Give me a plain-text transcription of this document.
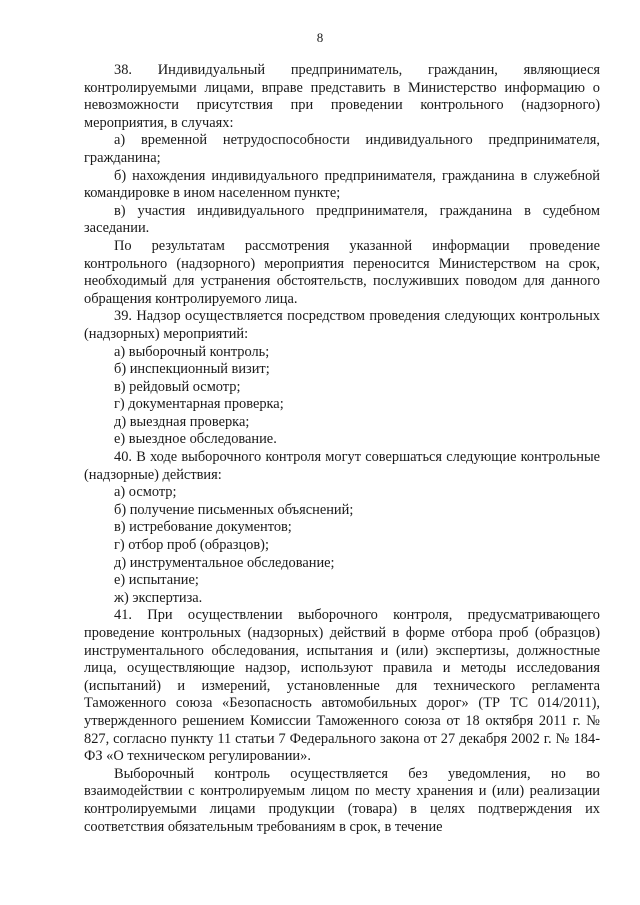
8

38. Индивидуальный предприниматель, гражданин, являющиеся контролируемыми лицами, вправе представить в Министерство информацию о невозможности присутствия при проведении контрольного (надзорного) мероприятия, в случаях:

а) временной нетрудоспособности индивидуального предпринимателя, гражданина;

б) нахождения индивидуального предпринимателя, гражданина в служебной командировке в ином населенном пункте;

в) участия индивидуального предпринимателя, гражданина в судебном заседании.

По результатам рассмотрения указанной информации проведение контрольного (надзорного) мероприятия переносится Министерством на срок, необходимый для устранения обстоятельств, послуживших поводом для данного обращения контролируемого лица.

39. Надзор осуществляется посредством проведения следующих контрольных (надзорных) мероприятий:

а) выборочный контроль;

б) инспекционный визит;

в) рейдовый осмотр;

г) документарная проверка;

д) выездная проверка;

е) выездное обследование.

40. В ходе выборочного контроля могут совершаться следующие контрольные (надзорные) действия:

а) осмотр;

б) получение письменных объяснений;

в) истребование документов;

г) отбор проб (образцов);

д) инструментальное обследование;

е) испытание;

ж) экспертиза.

41. При осуществлении выборочного контроля, предусматривающего проведение контрольных (надзорных) действий в форме отбора проб (образцов) инструментального обследования, испытания и (или) экспертизы, должностные лица, осуществляющие надзор, используют правила и методы исследования (испытаний) и измерений, установленные для технического регламента Таможенного союза «Безопасность автомобильных дорог» (ТР ТС 014/2011), утвержденного решением Комиссии Таможенного союза от 18 октября 2011 г. № 827, согласно пункту 11 статьи 7 Федерального закона от 27 декабря 2002 г. № 184-ФЗ «О техническом регулировании».

Выборочный контроль осуществляется без уведомления, но во взаимодействии с контролируемым лицом по месту хранения и (или) реализации контролируемыми лицами продукции (товара) в целях подтверждения их соответствия обязательным требованиям в срок, в течение
